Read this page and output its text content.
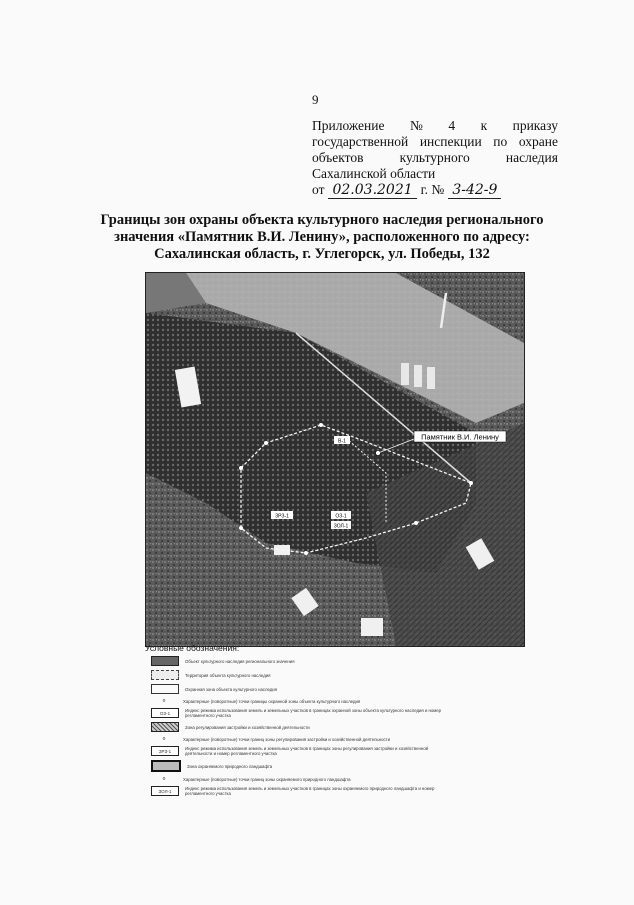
9
Приложение № 4 к приказу
государственной инспекции по охране
объектов	культурного	наследия
Сахалинской области
от 02.03.2021 г. № 3-42-9
Границы зон охраны объекта культурного наследия регионального значения «Памятник В.И. Ленину», расположенного по адресу: Сахалинская область, г. Углегорск, ул. Победы, 132
ЗРЗ-1	ОЗ-1
ЗОЛ-1
В-1	Памятник В.И. Ленину
Условные обозначения:
Объект культурного наследия регионального значения
Территория объекта культурного наследия
Охранная зона объекта культурного наследия
o	Характерные (поворотные) точки границы охранной зоны объекта культурного наследия
ОЗ-1	Индекс режима использования земель и земельных участков в границах охранной зоны объекта культурного наследия и номер регламентного участка
Зона регулирования застройки и хозяйственной деятельности
o	Характерные (поворотные) точки границ зоны регулирования застройки и хозяйственной деятельности
ЗРЗ-1	Индекс режима использования земель и земельных участков в границах зоны регулирования застройки и хозяйственной деятельности и номер регламентного участка
Зона охраняемого природного ландшафта
o	Характерные (поворотные) точки границ зоны охраняемого природного ландшафта
ЗОЛ-1	Индекс режима использования земель и земельных участков в границах зоны охраняемого природного ландшафта и номер регламентного участка
